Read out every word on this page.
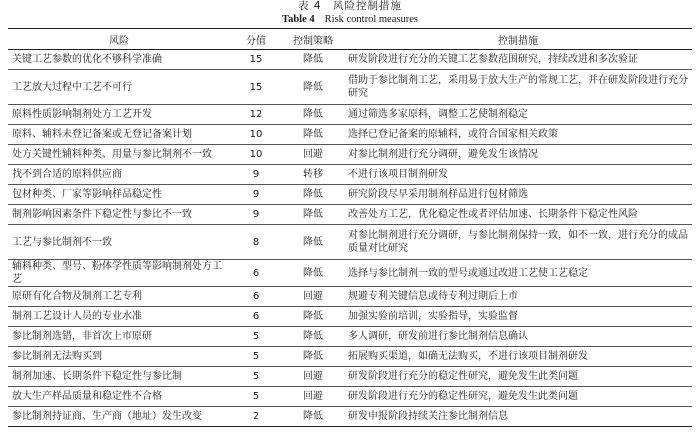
表 4　风险控制措施
Table 4 Risk control measures
风险	分值	控制策略	控制措施
关键工艺参数的优化不够科学准确	15	降低	研发阶段进行充分的关键工艺参数范围研究，持续改进和多次验证
工艺放大过程中工艺不可行	15	降低	借助于参比制剂工艺，采用易于放大生产的常规工艺，并在研发阶段进行充分研究
原料性质影响制剂处方工艺开发	12	降低	通过筛选多家原料，调整工艺使制剂稳定
原料、辅料未登记备案或无登记备案计划	10	降低	选择已登记备案的原辅料，或符合国家相关政策
处方关键性辅料种类、用量与参比制剂不一致	10	回避	对参比制剂进行充分调研，避免发生该情况
找不到合适的原料供应商	9	转移	不进行该项目制剂研发
包材种类、厂家等影响样品稳定性	9	降低	研究阶段尽早采用制剂样品进行包材筛选
制剂影响因素条件下稳定性与参比不一致	9	降低	改善处方工艺，优化稳定性或者评估加速、长期条件下稳定性风险
工艺与参比制剂不一致	8	降低	对参比制剂进行充分调研，与参比制剂保持一致，如不一致，进行充分的成品质量对比研究
辅料种类、型号、粉体学性质等影响制剂处方工艺	6	降低	选择与参比制剂一致的型号或通过改进工艺使工艺稳定
原研有化合物及制剂工艺专利	6	回避	规避专利关键信息或待专利过期后上市
制剂工艺设计人员的专业水准	6	降低	加强实验前培训，实验指导，实验监督
参比制剂选错，非首次上市原研	5	降低	多人调研，研发前进行参比制剂信息确认
参比制剂无法购买到	5	降低	拓展购买渠道，如确无法购买，不进行该项目制剂研发
制剂加速、长期条件下稳定性与参比制	5	回避	研发阶段进行充分的稳定性研究，避免发生此类问题
放大生产样品质量和稳定性不合格	5	回避	研发阶段进行充分的稳定性研究，避免发生此类问题
参比制剂持证商、生产商（地址）发生改变	2	降低	研发申报阶段持续关注参比制剂信息
